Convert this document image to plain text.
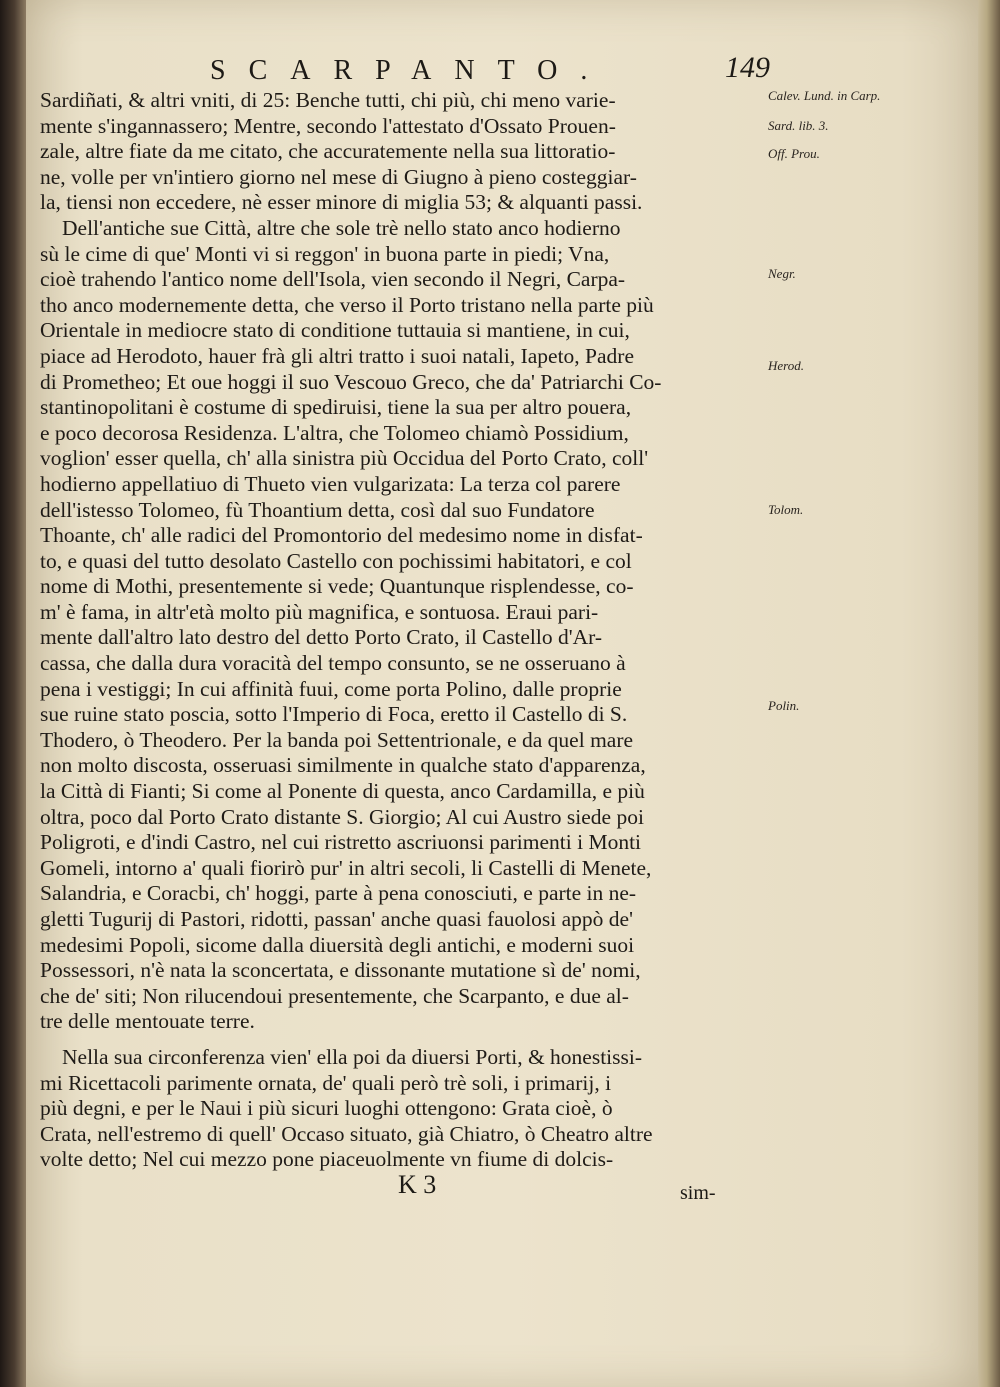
SCARPANTO.	149
Sardiñati, & altri vniti, di 25: Benche tutti, chi più, chi meno varie-
mente s'ingannassero; Mentre, secondo l'attestato d'Ossato Prouen-
zale, altre fiate da me citato, che accuratemente nella sua littoratio-
ne, volle per vn'intiero giorno nel mese di Giugno à pieno costeggiar-
la, tiensi non eccedere, nè esser minore di miglia 53; & alquanti passi.
Dell'antiche sue Città, altre che sole trè nello stato anco hodierno
sù le cime di que' Monti vi si reggon' in buona parte in piedi; Vna,
cioè trahendo l'antico nome dell'Isola, vien secondo il Negri, Carpa-
tho anco modernemente detta, che verso il Porto tristano nella parte più
Orientale in mediocre stato di conditione tuttauia si mantiene, in cui,
piace ad Herodoto, hauer frà gli altri tratto i suoi natali, Iapeto, Padre
di Prometheo; Et oue hoggi il suo Vescouo Greco, che da' Patriarchi Co-
stantinopolitani è costume di spediruisi, tiene la sua per altro pouera,
e poco decorosa Residenza. L'altra, che Tolomeo chiamò Possidium,
voglion' esser quella, ch' alla sinistra più Occidua del Porto Crato, coll'
hodierno appellatiuo di Thueto vien vulgarizata: La terza col parere
dell'istesso Tolomeo, fù Thoantium detta, così dal suo Fundatore
Thoante, ch' alle radici del Promontorio del medesimo nome in disfat-
to, e quasi del tutto desolato Castello con pochissimi habitatori, e col
nome di Mothi, presentemente si vede; Quantunque risplendesse, co-
m' è fama, in altr'età molto più magnifica, e sontuosa. Eraui pari-
mente dall'altro lato destro del detto Porto Crato, il Castello d'Ar-
cassa, che dalla dura voracità del tempo consunto, se ne osseruano à
pena i vestiggi; In cui affinità fuui, come porta Polino, dalle proprie
sue ruine stato poscia, sotto l'Imperio di Foca, eretto il Castello di S.
Thodero, ò Theodero. Per la banda poi Settentrionale, e da quel mare
non molto discosta, osseruasi similmente in qualche stato d'apparenza,
la Città di Fianti; Si come al Ponente di questa, anco Cardamilla, e più
oltra, poco dal Porto Crato distante S. Giorgio; Al cui Austro siede poi
Poligroti, e d'indi Castro, nel cui ristretto ascriuonsi parimenti i Monti
Gomeli, intorno a' quali fiorirò pur' in altri secoli, li Castelli di Menete,
Salandria, e Coracbi, ch' hoggi, parte à pena conosciuti, e parte in ne-
gletti Tugurij di Pastori, ridotti, passan' anche quasi fauolosi appò de'
medesimi Popoli, sicome dalla diuersità degli antichi, e moderni suoi
Possessori, n'è nata la sconcertata, e dissonante mutatione sì de' nomi,
che de' siti; Non rilucendoui presentemente, che Scarpanto, e due al-
tre delle mentouate terre.
Nella sua circonferenza vien' ella poi da diuersi Porti, & honestissi-
mi Ricettacoli parimente ornata, de' quali però trè soli, i primarij, i
più degni, e per le Naui i più sicuri luoghi ottengono: Grata cioè, ò
Crata, nell'estremo di quell' Occaso situato, già Chiatro, ò Cheatro altre
volte detto; Nel cui mezzo pone piaceuolmente vn fiume di dolcis-
Calev. Lund. in Carp.
Sard. lib. 3.
Off. Prou.
Negr.
Herod.
Tolom.
Polin.
K 3	sim-
